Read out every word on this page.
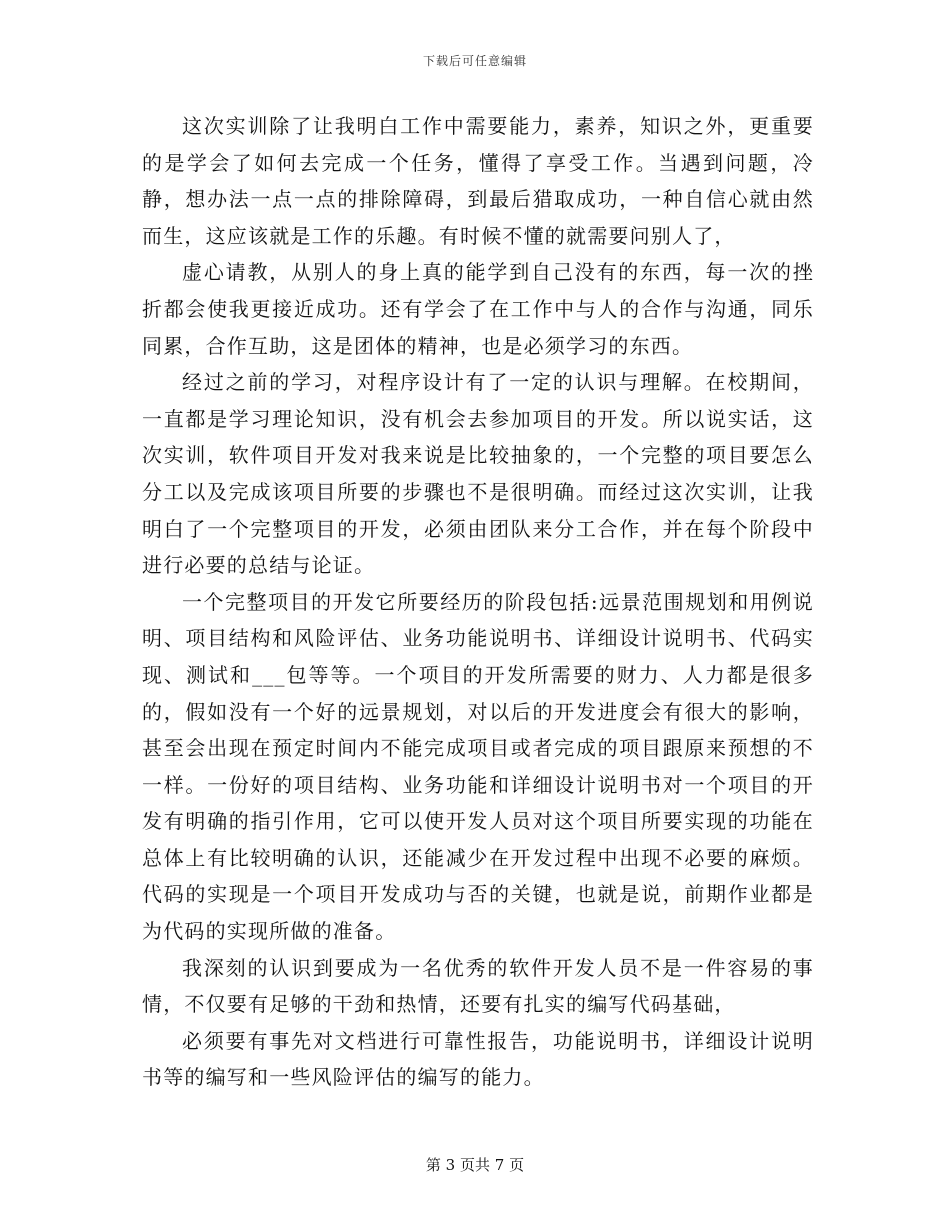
下载后可任意编辑

这次实训除了让我明白工作中需要能力，素养，知识之外，更重要的是学会了如何去完成一个任务，懂得了享受工作。当遇到问题，冷静，想办法一点一点的排除障碍，到最后猎取成功，一种自信心就由然而生，这应该就是工作的乐趣。有时候不懂的就需要问别人了，

虚心请教，从别人的身上真的能学到自己没有的东西，每一次的挫折都会使我更接近成功。还有学会了在工作中与人的合作与沟通，同乐同累，合作互助，这是团体的精神，也是必须学习的东西。

经过之前的学习，对程序设计有了一定的认识与理解。在校期间，一直都是学习理论知识，没有机会去参加项目的开发。所以说实话，这次实训，软件项目开发对我来说是比较抽象的，一个完整的项目要怎么分工以及完成该项目所要的步骤也不是很明确。而经过这次实训，让我明白了一个完整项目的开发，必须由团队来分工合作，并在每个阶段中进行必要的总结与论证。

一个完整项目的开发它所要经历的阶段包括:远景范围规划和用例说明、项目结构和风险评估、业务功能说明书、详细设计说明书、代码实现、测试和___包等等。一个项目的开发所需要的财力、人力都是很多的，假如没有一个好的远景规划，对以后的开发进度会有很大的影响，甚至会出现在预定时间内不能完成项目或者完成的项目跟原来预想的不一样。一份好的项目结构、业务功能和详细设计说明书对一个项目的开发有明确的指引作用，它可以使开发人员对这个项目所要实现的功能在总体上有比较明确的认识，还能减少在开发过程中出现不必要的麻烦。代码的实现是一个项目开发成功与否的关键，也就是说，前期作业都是为代码的实现所做的准备。

我深刻的认识到要成为一名优秀的软件开发人员不是一件容易的事情，不仅要有足够的干劲和热情，还要有扎实的编写代码基础，

必须要有事先对文档进行可靠性报告，功能说明书，详细设计说明书等的编写和一些风险评估的编写的能力。

第 3 页共 7 页
